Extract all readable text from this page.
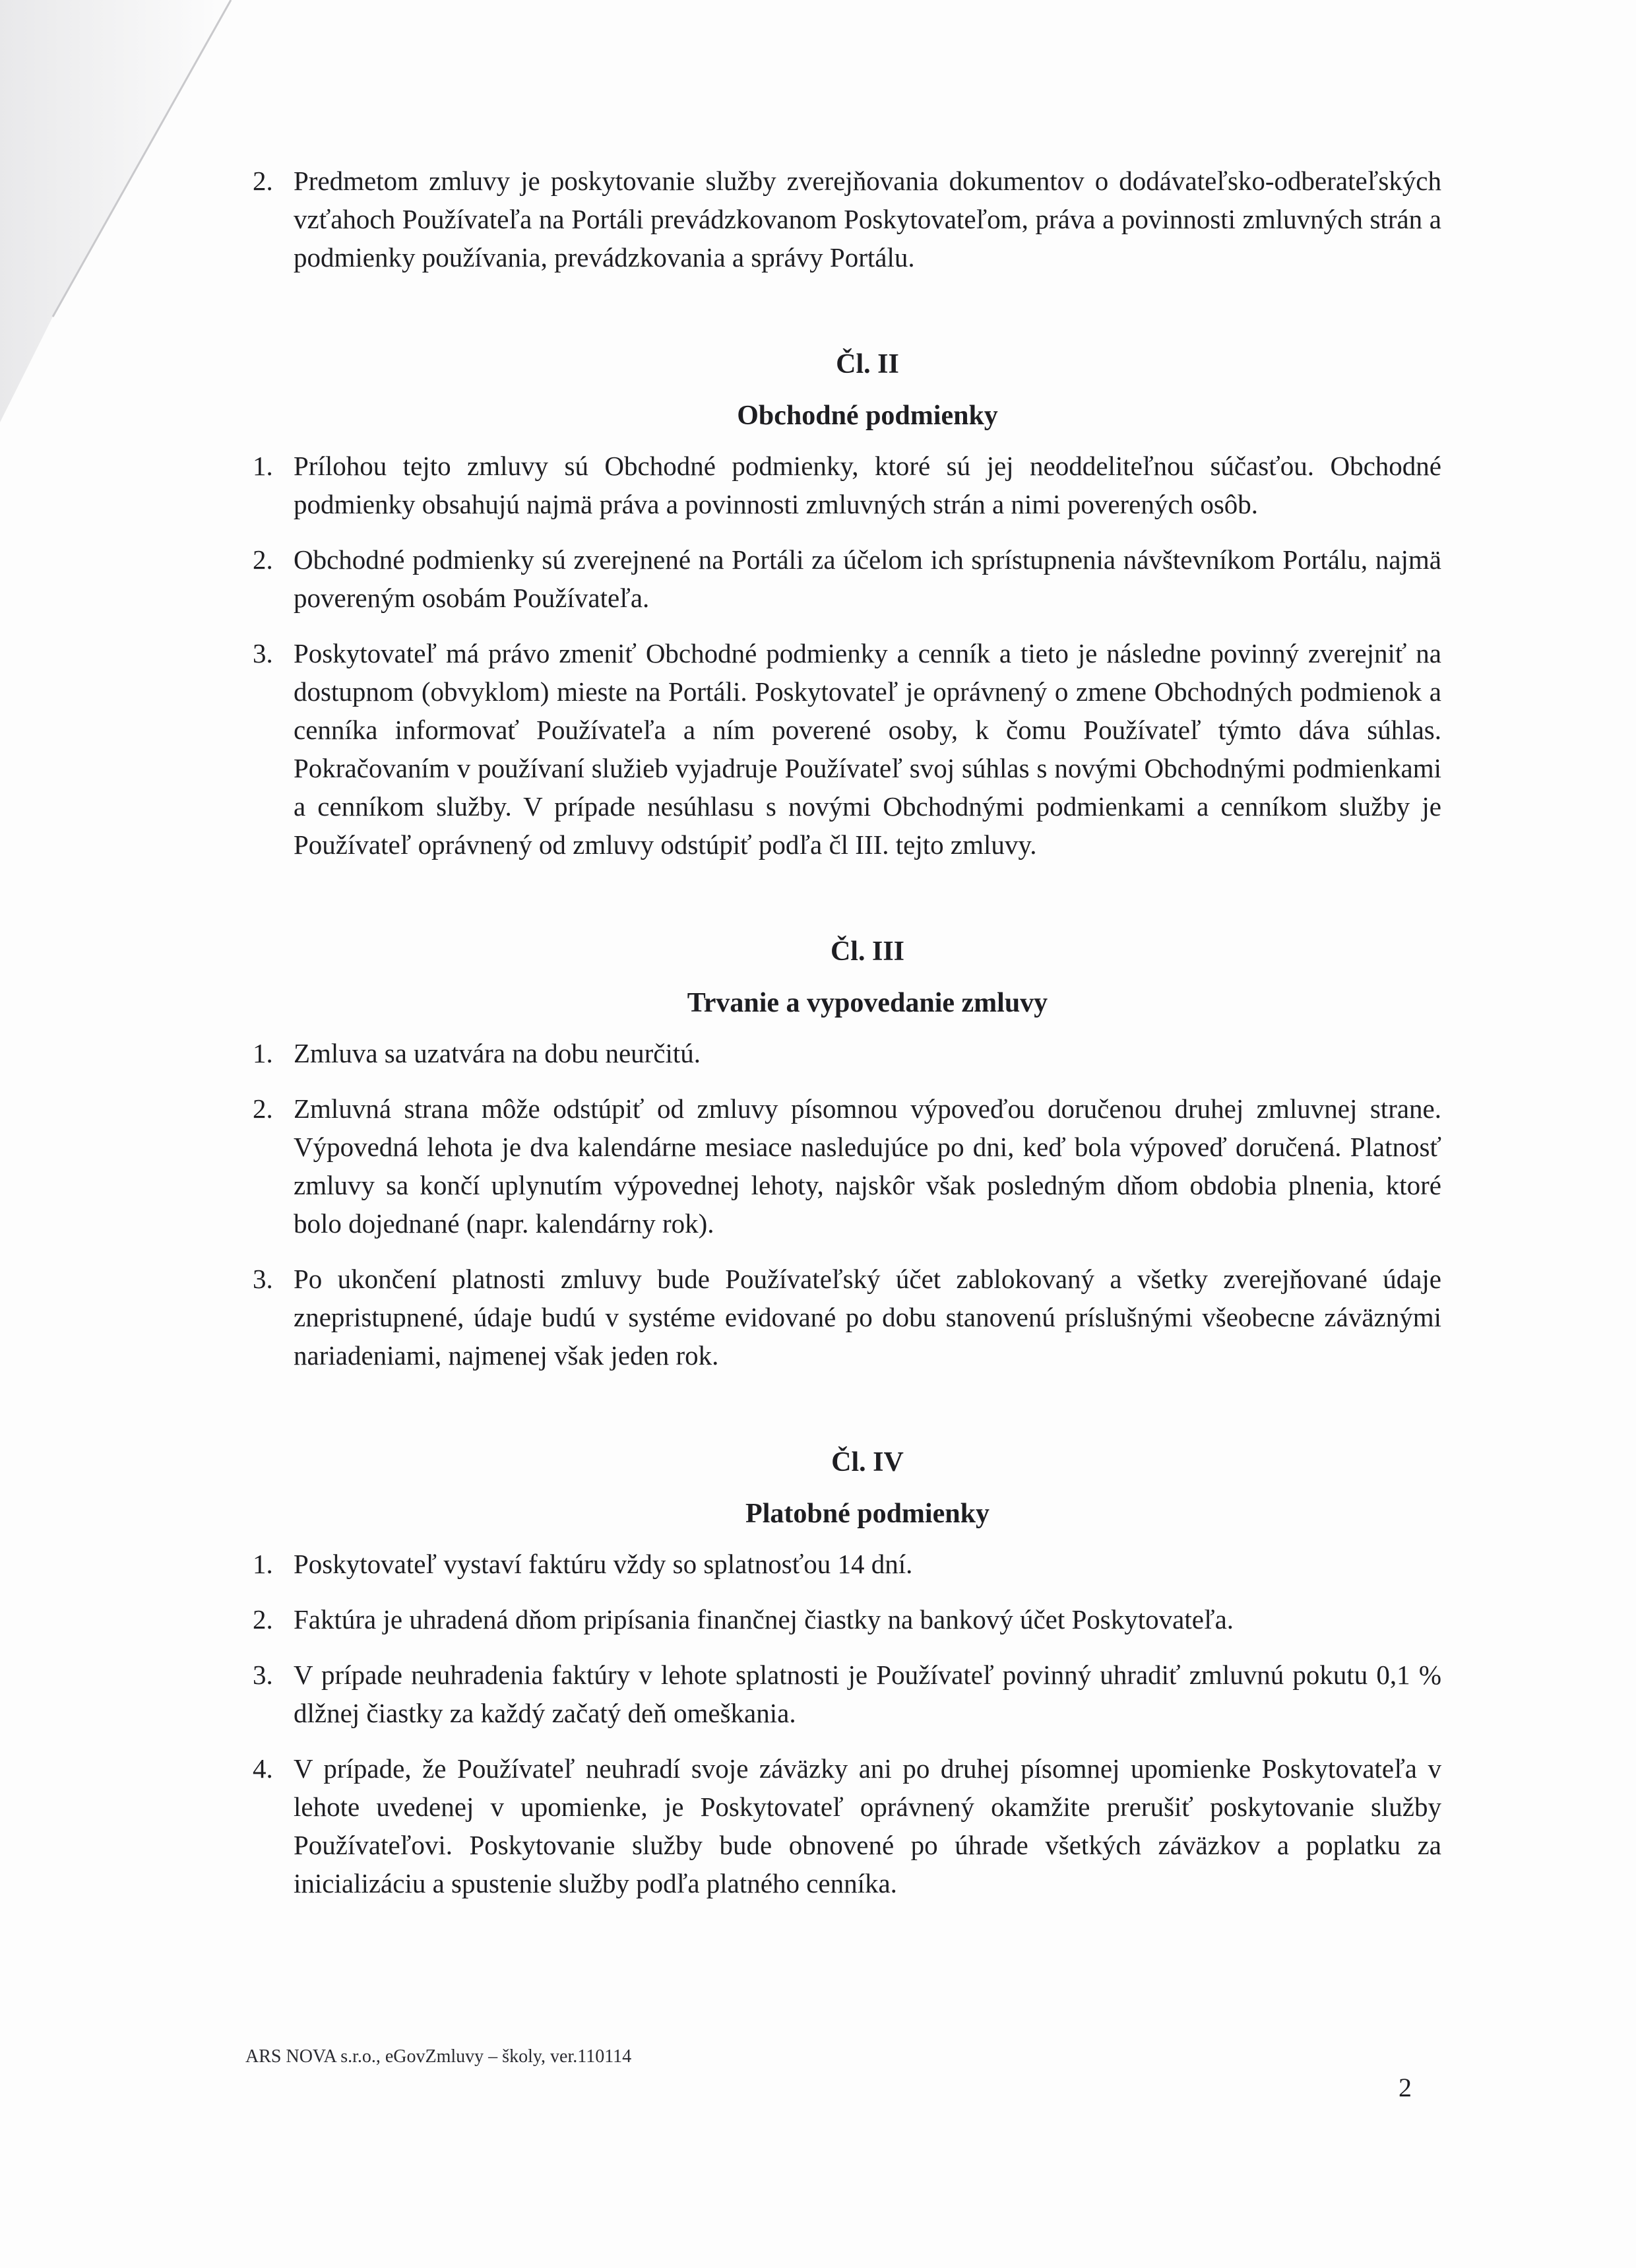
2. Predmetom zmluvy je poskytovanie služby zverejňovania dokumentov o dodávateľsko-odberateľských vzťahoch Používateľa na Portáli prevádzkovanom Poskytovateľom, práva a povinnosti zmluvných strán a podmienky používania, prevádzkovania a správy Portálu.
Čl. II
Obchodné podmienky
1. Prílohou tejto zmluvy sú Obchodné podmienky, ktoré sú jej neoddeliteľnou súčasťou. Obchodné podmienky obsahujú najmä práva a povinnosti zmluvných strán a nimi poverených osôb.
2. Obchodné podmienky sú zverejnené na Portáli za účelom ich sprístupnenia návštevníkom Portálu, najmä povereným osobám Používateľa.
3. Poskytovateľ má právo zmeniť Obchodné podmienky a cenník a tieto je následne povinný zverejniť na dostupnom (obvyklom) mieste na Portáli. Poskytovateľ je oprávnený o zmene Obchodných podmienok a cenníka informovať Používateľa a ním poverené osoby, k čomu Používateľ týmto dáva súhlas. Pokračovaním v používaní služieb vyjadruje Používateľ svoj súhlas s novými Obchodnými podmienkami a cenníkom služby. V prípade nesúhlasu s novými Obchodnými podmienkami a cenníkom služby je Používateľ oprávnený od zmluvy odstúpiť podľa čl III. tejto zmluvy.
Čl. III
Trvanie a vypovedanie zmluvy
1. Zmluva sa uzatvára na dobu neurčitú.
2. Zmluvná strana môže odstúpiť od zmluvy písomnou výpoveďou doručenou druhej zmluvnej strane. Výpovedná lehota je dva kalendárne mesiace nasledujúce po dni, keď bola výpoveď doručená. Platnosť zmluvy sa končí uplynutím výpovednej lehoty, najskôr však posledným dňom obdobia plnenia, ktoré bolo dojednané (napr. kalendárny rok).
3. Po ukončení platnosti zmluvy bude Používateľský účet zablokovaný a všetky zverejňované údaje znepristupnené, údaje budú v systéme evidované po dobu stanovenú príslušnými všeobecne záväznými nariadeniami, najmenej však jeden rok.
Čl. IV
Platobné podmienky
1. Poskytovateľ vystaví faktúru vždy so splatnosťou 14 dní.
2. Faktúra je uhradená dňom pripísania finančnej čiastky na bankový účet Poskytovateľa.
3. V prípade neuhradenia faktúry v lehote splatnosti je Používateľ povinný uhradiť zmluvnú pokutu 0,1 % dlžnej čiastky za každý začatý deň omeškania.
4. V prípade, že Používateľ neuhradí svoje záväzky ani po druhej písomnej upomienke Poskytovateľa v lehote uvedenej v upomienke, je Poskytovateľ oprávnený okamžite prerušiť poskytovanie služby Používateľovi. Poskytovanie služby bude obnovené po úhrade všetkých záväzkov a poplatku za inicializáciu a spustenie služby podľa platného cenníka.
ARS NOVA s.r.o., eGovZmluvy – školy, ver.110114
2
